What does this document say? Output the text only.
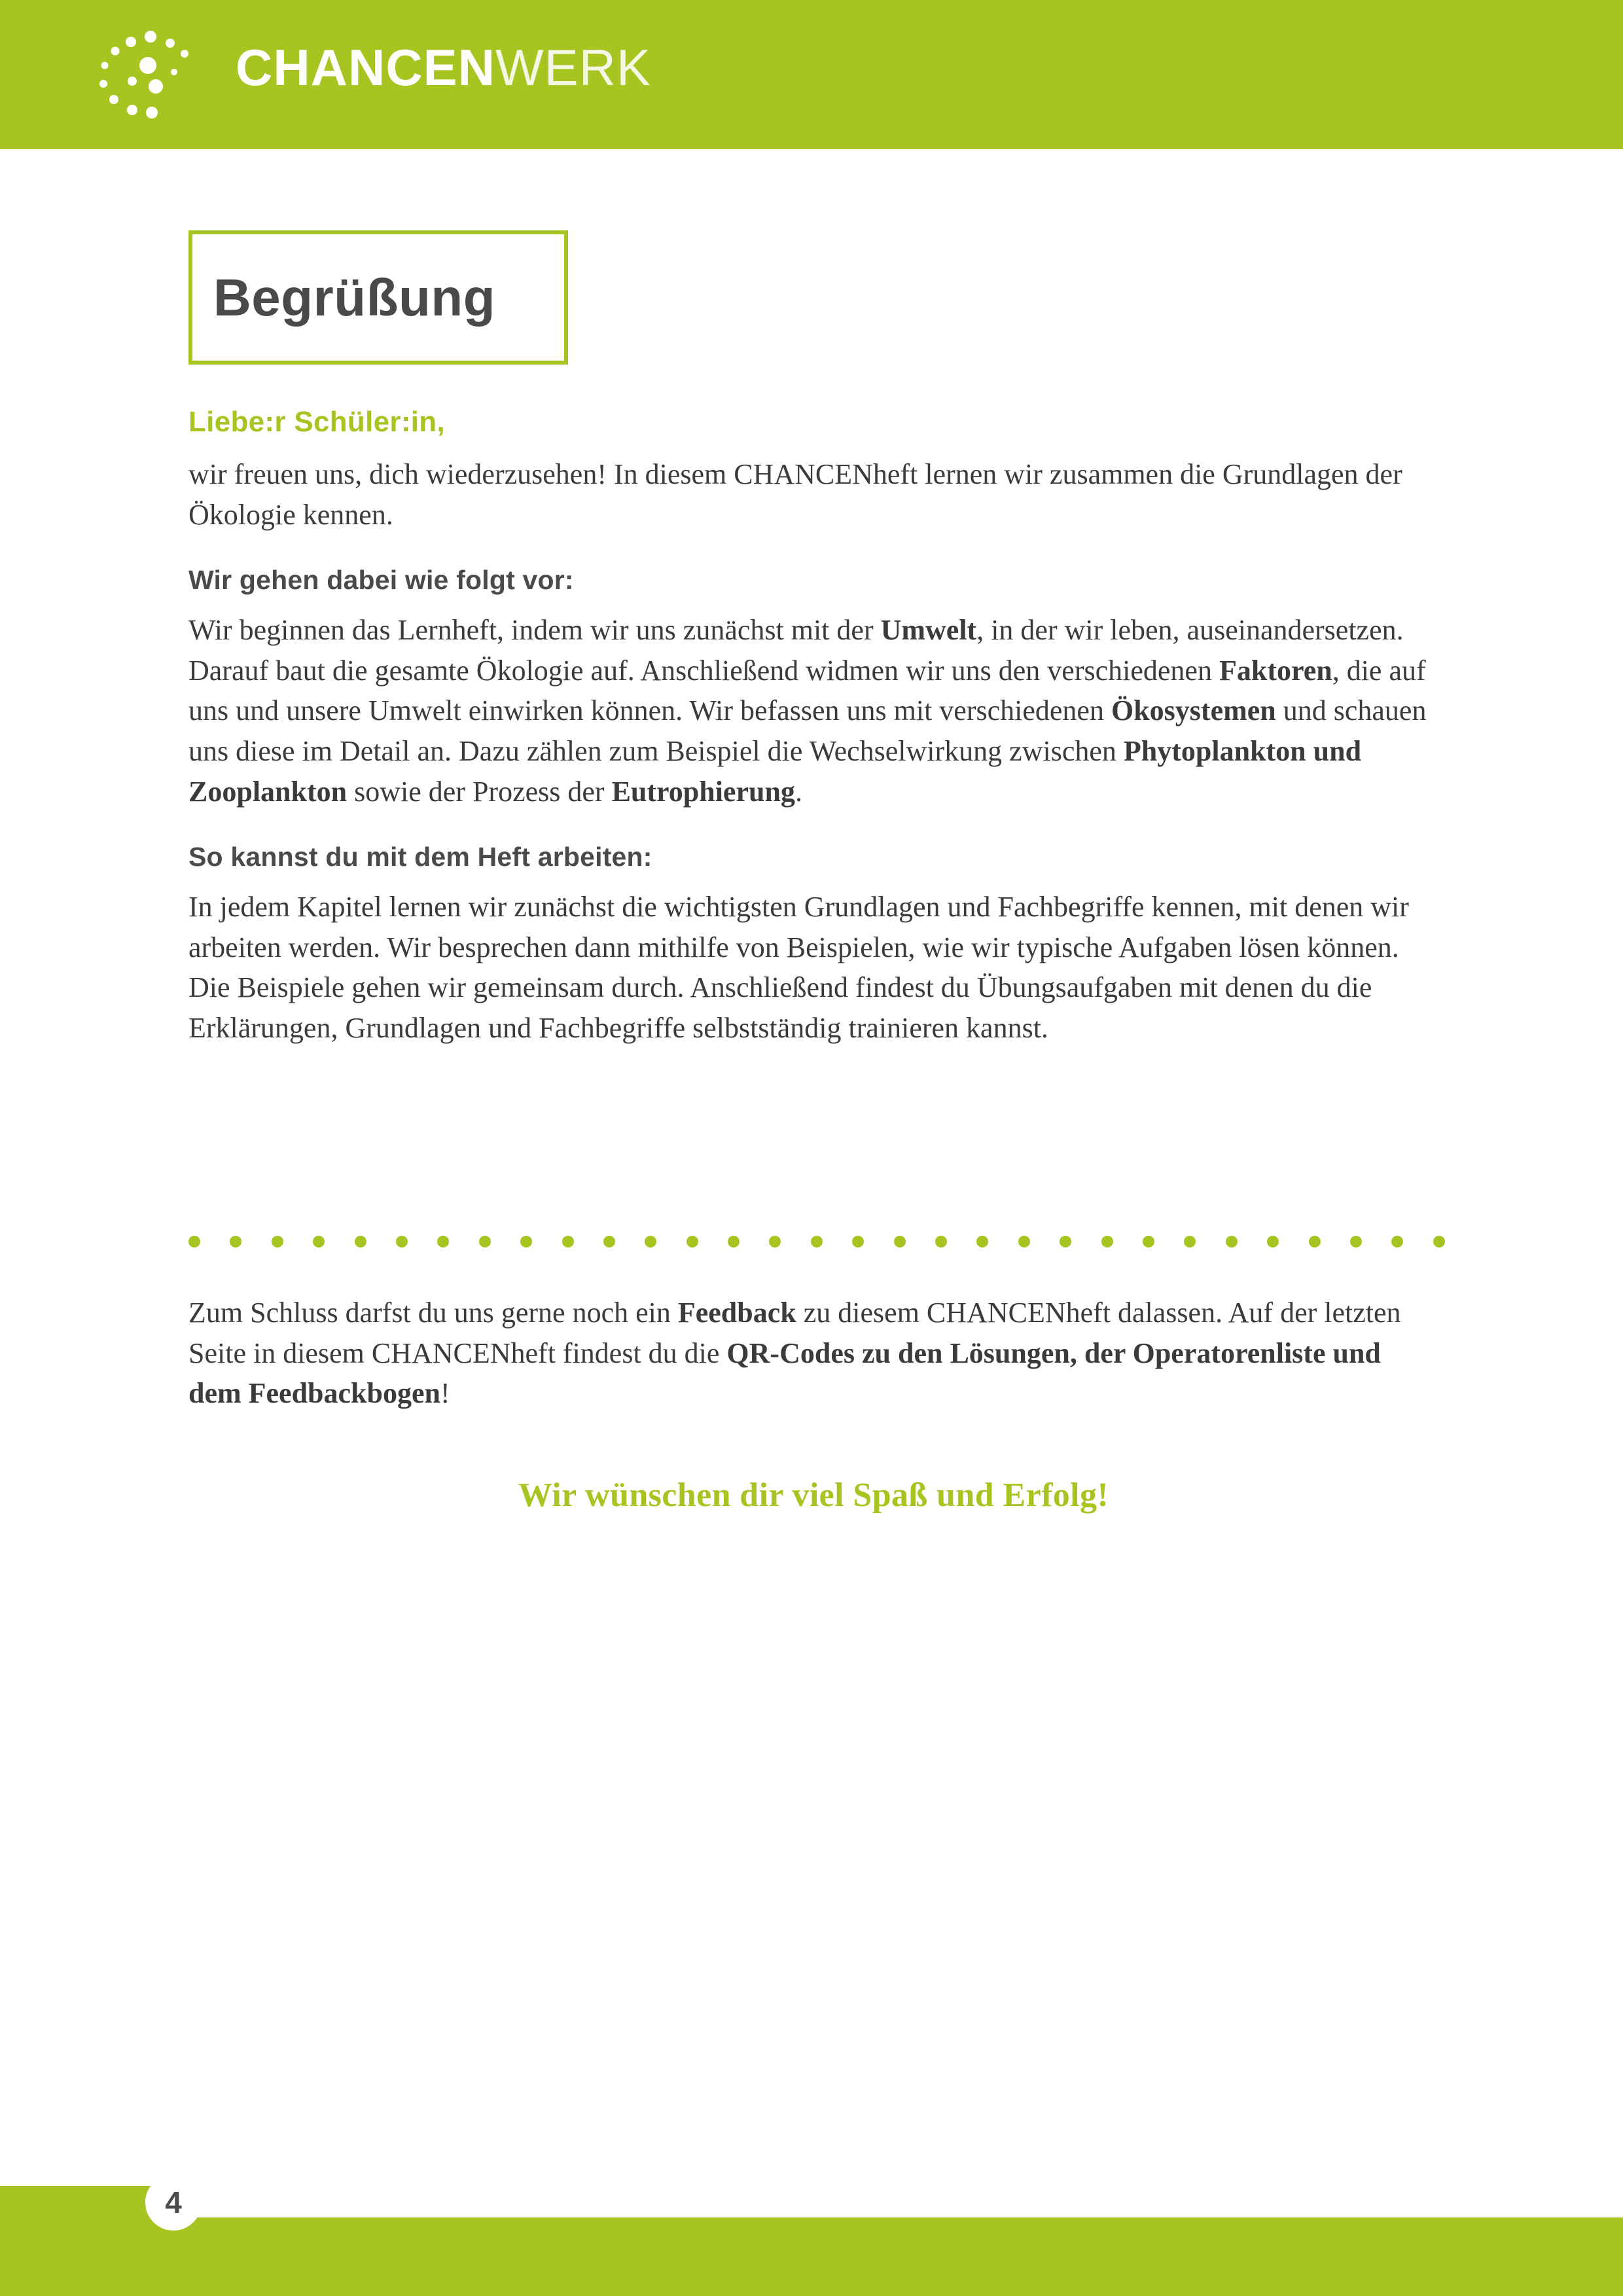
CHANCENWERK
Begrüßung
Liebe:r Schüler:in,

wir freuen uns, dich wiederzusehen! In diesem CHANCENheft lernen wir zusammen die Grundlagen der Ökologie kennen.

Wir gehen dabei wie folgt vor:

Wir beginnen das Lernheft, indem wir uns zunächst mit der Umwelt, in der wir leben, auseinandersetzen. Darauf baut die gesamte Ökologie auf. Anschließend widmen wir uns den verschiedenen Faktoren, die auf uns und unsere Umwelt einwirken können. Wir befassen uns mit verschiedenen Ökosystemen und schauen uns diese im Detail an. Dazu zählen zum Beispiel die Wechselwirkung zwischen Phytoplankton und Zooplankton sowie der Prozess der Eutrophierung.

So kannst du mit dem Heft arbeiten:

In jedem Kapitel lernen wir zunächst die wichtigsten Grundlagen und Fachbegriffe kennen, mit denen wir arbeiten werden. Wir besprechen dann mithilfe von Beispielen, wie wir typische Aufgaben lösen können. Die Beispiele gehen wir gemeinsam durch. Anschließend findest du Übungsaufgaben mit denen du die Erklärungen, Grundlagen und Fachbegriffe selbstständig trainieren kannst.

Zum Schluss darfst du uns gerne noch ein Feedback zu diesem CHANCENheft dalassen. Auf der letzten Seite in diesem CHANCENheft findest du die QR-Codes zu den Lösungen, der Operatorenliste und dem Feedbackbogen!

Wir wünschen dir viel Spaß und Erfolg!
4
